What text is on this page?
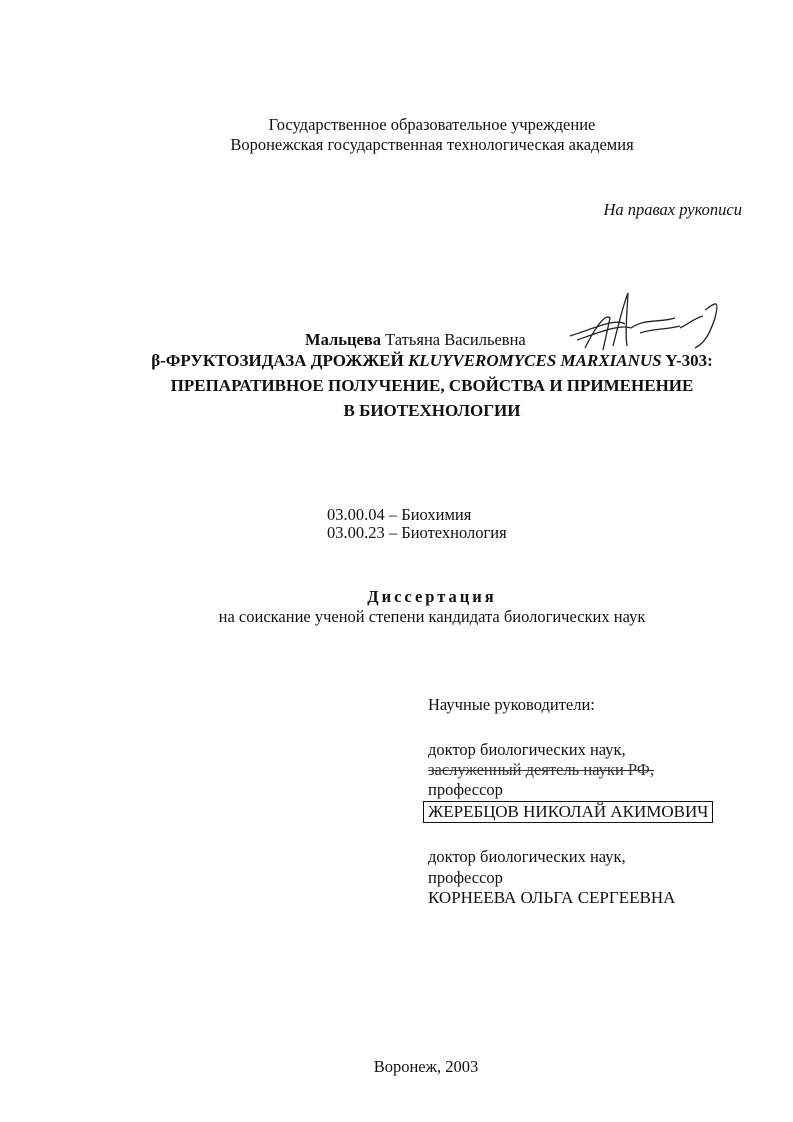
Государственное образовательное учреждение
Воронежская государственная технологическая академия
На правах рукописи
Мальцева Татьяна Васильевна
β-ФРУКТОЗИДАЗА ДРОЖЖЕЙ KLUYVEROMYCES MARXIANUS Y-303:
ПРЕПАРАТИВНОЕ ПОЛУЧЕНИЕ, СВОЙСТВА И ПРИМЕНЕНИЕ
В БИОТЕХНОЛОГИИ
03.00.04 – Биохимия
03.00.23 – Биотехнология
Диссертация
на соискание ученой степени кандидата биологических наук
Научные руководители:
доктор биологических наук,
заслуженный деятель науки РФ,
профессор
ЖЕРЕБЦОВ НИКОЛАЙ АКИМОВИЧ
доктор биологических наук,
профессор
КОРНЕЕВА ОЛЬГА СЕРГЕЕВНА
Воронеж, 2003
